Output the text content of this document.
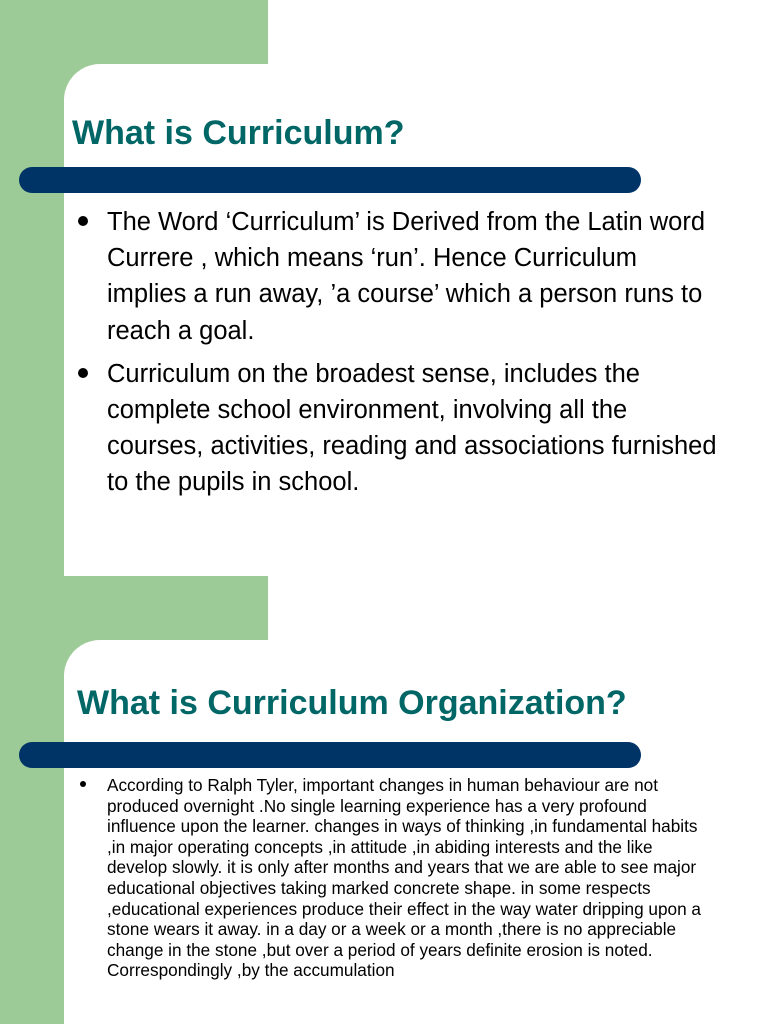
What is Curriculum?
The Word ‘Curriculum’ is Derived from the Latin word Currere , which means ‘run’. Hence Curriculum implies a run away, ’a course’ which a person runs to reach a goal.
Curriculum on the broadest sense, includes the complete school environment, involving all the courses, activities, reading and associations furnished to the pupils in school.
What is Curriculum Organization?
According to Ralph Tyler, important changes in human behaviour are not produced overnight .No single learning experience has a very profound influence upon the learner. changes in ways of thinking ,in fundamental habits ,in major operating concepts ,in attitude ,in abiding interests and the like develop slowly. it is only after months and years that we are able to see major educational objectives taking marked concrete shape. in some respects ,educational experiences produce their effect in the way water dripping upon a stone wears it away. in a day or a week or a month ,there is no appreciable change in the stone ,but over a period of years definite erosion is noted. Correspondingly ,by the accumulation
